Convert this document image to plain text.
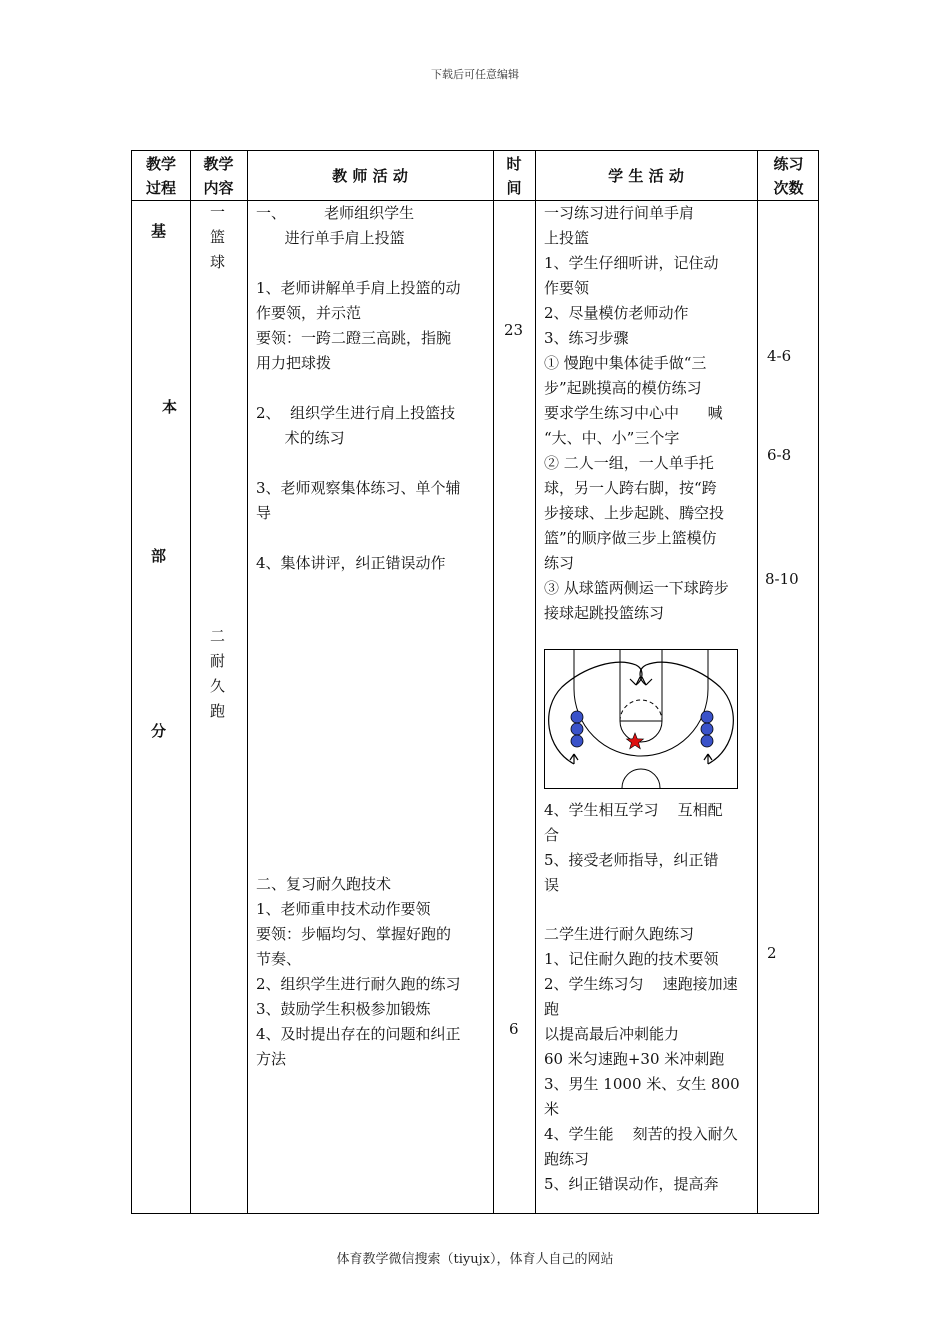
下载后可任意编辑
教学
过程
教学
内容
教 师 活 动
时
间
学 生 活 动
练习
次数
基
本
部
分
一
篮
球
二
耐
久
跑
一、        老师组织学生
进行单手肩上投篮
1、老师讲解单手肩上投篮的动
作要领，并示范
要领：一跨二蹬三高跳，指腕
用力把球拨
2、  组织学生进行肩上投篮技
术的练习
3、老师观察集体练习、单个辅
导
4、集体讲评，纠正错误动作
二、复习耐久跑技术
1、老师重申技术动作要领
要领：步幅均匀、掌握好跑的
节奏、
2、组织学生进行耐久跑的练习
3、鼓励学生积极参加锻炼
4、及时提出存在的问题和纠正
方法
23
6
一习练习进行间单手肩
上投篮
1、学生仔细听讲，记住动
作要领
2、尽量模仿老师动作
3、练习步骤
① 慢跑中集体徒手做“三
步”起跳摸高的模仿练习
要求学生练习中心中      喊
“大、中、小”三个字
② 二人一组，一人单手托
球，另一人跨右脚，按“跨
步接球、上步起跳、腾空投
篮”的顺序做三步上篮模仿
练习
③ 从球篮两侧运一下球跨步
接球起跳投篮练习
4、学生相互学习    互相配
合
5、接受老师指导，纠正错
误
二学生进行耐久跑练习
1、记住耐久跑的技术要领
2、学生练习匀    速跑接加速
跑
以提高最后冲刺能力
60 米匀速跑+30 米冲刺跑
3、男生 1000 米、女生 800
米
4、学生能    刻苦的投入耐久
跑练习
5、纠正错误动作，提高奔
4-6
6-8
8-10
2
体育教学微信搜索（tiyujx），体育人自己的网站
